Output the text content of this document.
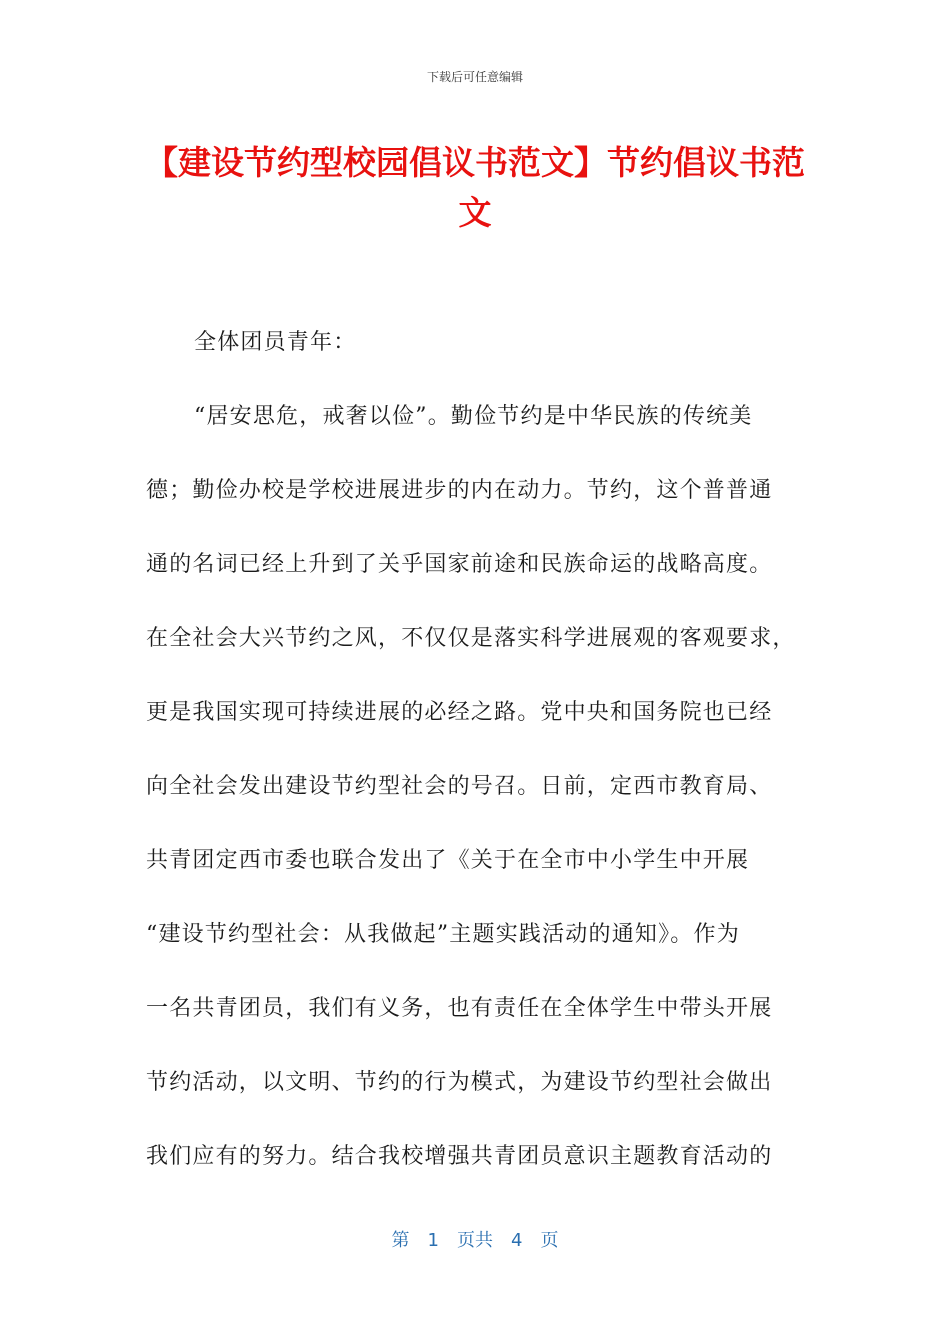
下载后可任意编辑
【建设节约型校园倡议书范文】节约倡议书范文
全体团员青年：
“居安思危，戒奢以俭”。勤俭节约是中华民族的传统美
德；勤俭办校是学校进展进步的内在动力。节约，这个普普通
通的名词已经上升到了关乎国家前途和民族命运的战略高度。
在全社会大兴节约之风，不仅仅是落实科学进展观的客观要求，
更是我国实现可持续进展的必经之路。党中央和国务院也已经
向全社会发出建设节约型社会的号召。日前，定西市教育局、
共青团定西市委也联合发出了《关于在全市中小学生中开展
“建设节约型社会：从我做起”主题实践活动的通知》。作为
一名共青团员，我们有义务，也有责任在全体学生中带头开展
节约活动，以文明、节约的行为模式，为建设节约型社会做出
我们应有的努力。结合我校增强共青团员意识主题教育活动的
第 1 页共 4 页
